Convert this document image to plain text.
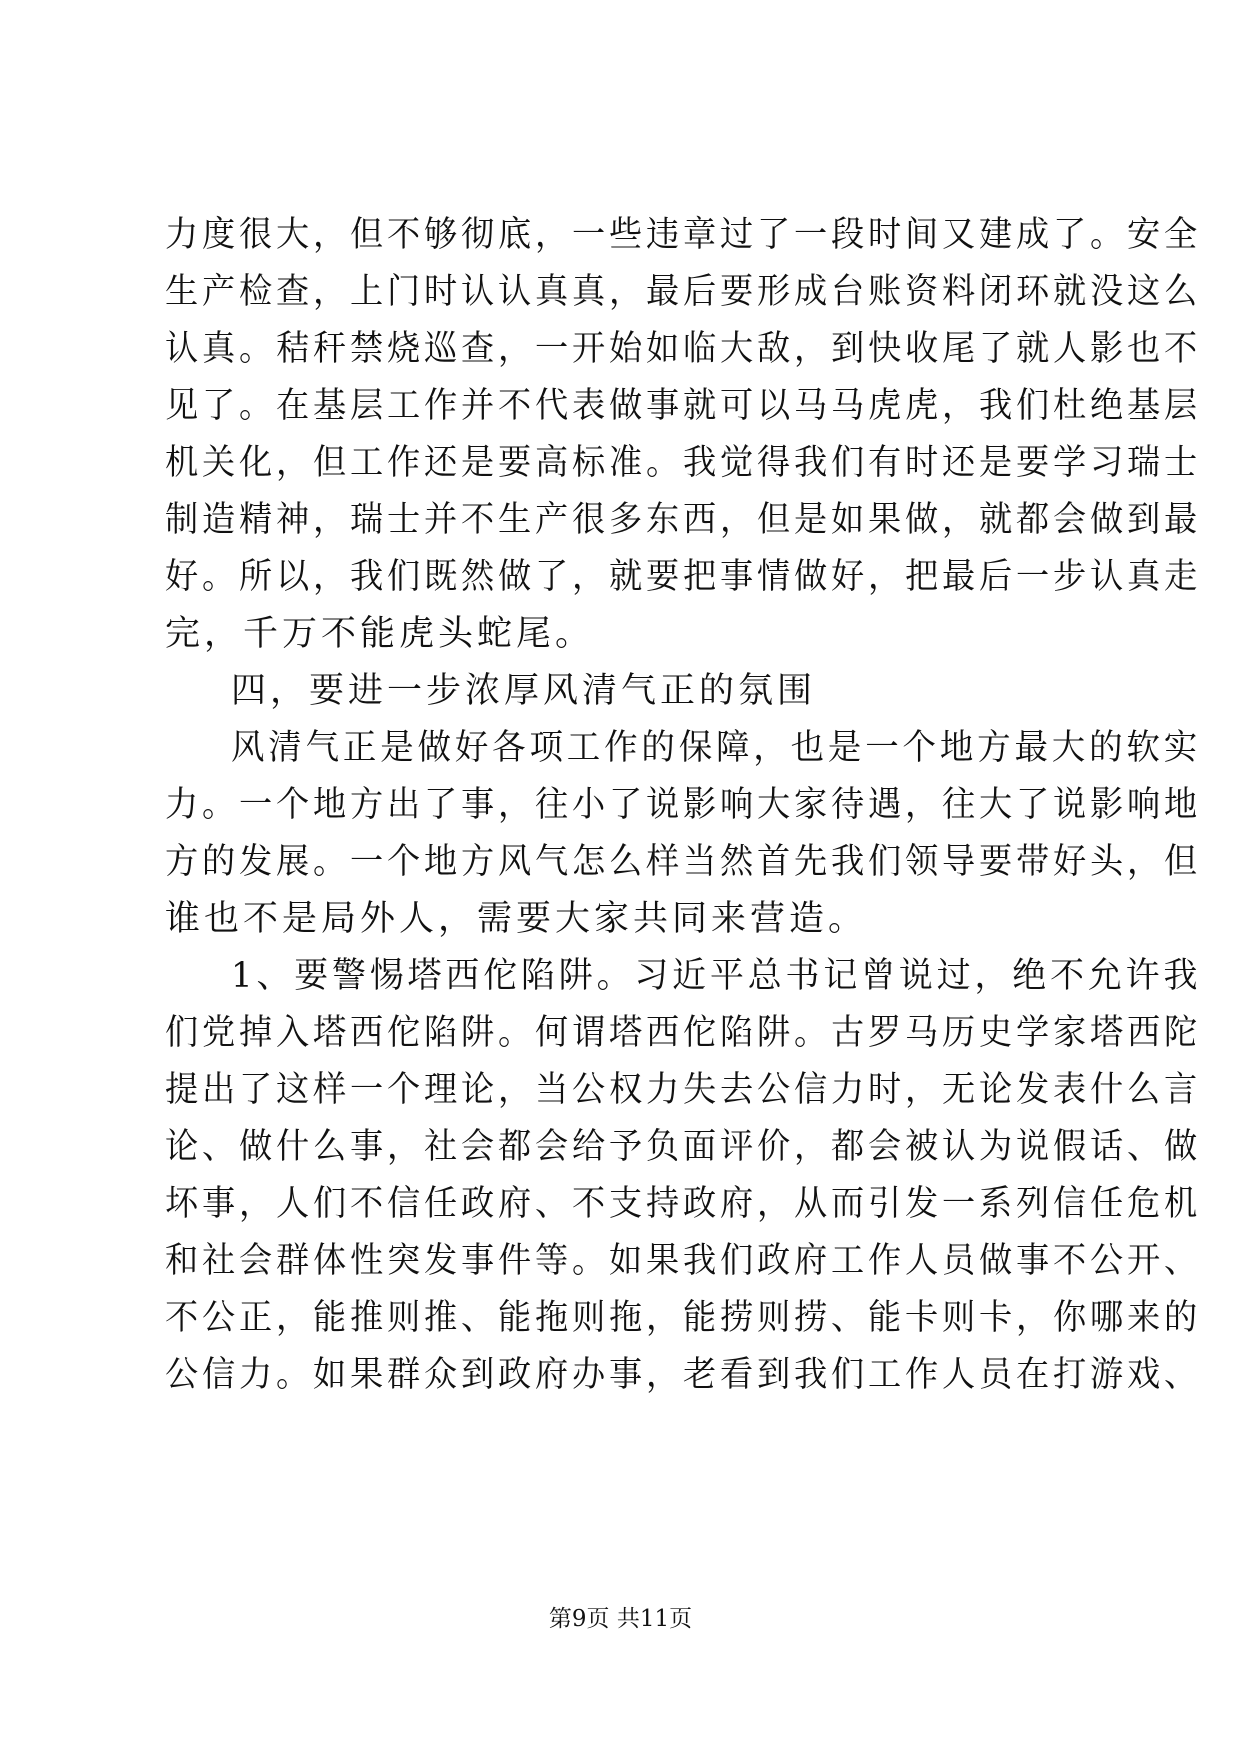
力度很大，但不够彻底，一些违章过了一段时间又建成了。安全
生产检查，上门时认认真真，最后要形成台账资料闭环就没这么
认真。秸秆禁烧巡查，一开始如临大敌，到快收尾了就人影也不
见了。在基层工作并不代表做事就可以马马虎虎，我们杜绝基层
机关化，但工作还是要高标准。我觉得我们有时还是要学习瑞士
制造精神，瑞士并不生产很多东西，但是如果做，就都会做到最
好。所以，我们既然做了，就要把事情做好，把最后一步认真走
完，千万不能虎头蛇尾。
四，要进一步浓厚风清气正的氛围
风清气正是做好各项工作的保障，也是一个地方最大的软实
力。一个地方出了事，往小了说影响大家待遇，往大了说影响地
方的发展。一个地方风气怎么样当然首先我们领导要带好头，但
谁也不是局外人，需要大家共同来营造。
1、要警惕塔西佗陷阱。习近平总书记曾说过，绝不允许我
们党掉入塔西佗陷阱。何谓塔西佗陷阱。古罗马历史学家塔西陀
提出了这样一个理论，当公权力失去公信力时，无论发表什么言
论、做什么事，社会都会给予负面评价，都会被认为说假话、做
坏事，人们不信任政府、不支持政府，从而引发一系列信任危机
和社会群体性突发事件等。如果我们政府工作人员做事不公开、
不公正，能推则推、能拖则拖，能捞则捞、能卡则卡，你哪来的
公信力。如果群众到政府办事，老看到我们工作人员在打游戏、
第9页 共11页
